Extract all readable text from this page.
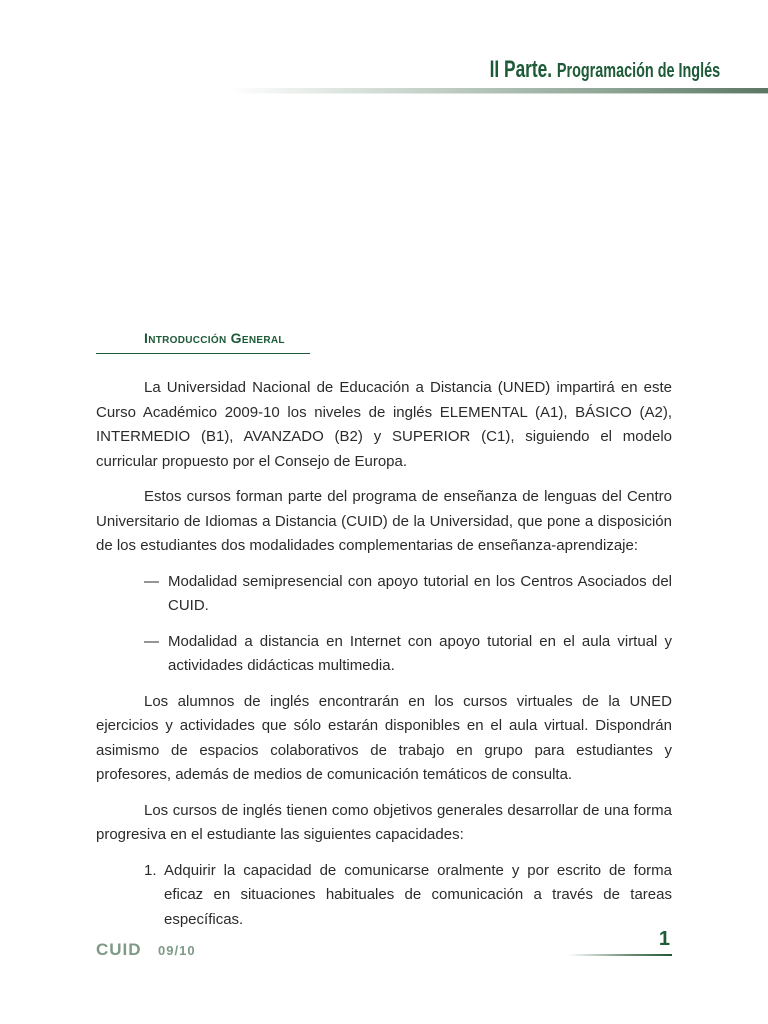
II Parte. Programación de Inglés
Introducción General

La Universidad Nacional de Educación a Distancia (UNED) impartirá en este Curso Académico 2009-10 los niveles de inglés ELEMENTAL (A1), BÁSICO (A2), INTERMEDIO (B1), AVANZADO (B2) y SUPERIOR (C1), siguiendo el modelo curricular propuesto por el Consejo de Europa.

Estos cursos forman parte del programa de enseñanza de lenguas del Centro Universitario de Idiomas a Distancia (CUID) de la Universidad, que pone a disposición de los estudiantes dos modalidades complementarias de enseñanza-aprendizaje:

— Modalidad semipresencial con apoyo tutorial en los Centros Asociados del CUID.
— Modalidad a distancia en Internet con apoyo tutorial en el aula virtual y actividades didácticas multimedia.

Los alumnos de inglés encontrarán en los cursos virtuales de la UNED ejercicios y actividades que sólo estarán disponibles en el aula virtual. Dispondrán asimismo de espacios colaborativos de trabajo en grupo para estudiantes y profesores, además de medios de comunicación temáticos de consulta.

Los cursos de inglés tienen como objetivos generales desarrollar de una forma progresiva en el estudiante las siguientes capacidades:

1. Adquirir la capacidad de comunicarse oralmente y por escrito de forma eficaz en situaciones habituales de comunicación a través de tareas específicas.
CUID 09/10
1
